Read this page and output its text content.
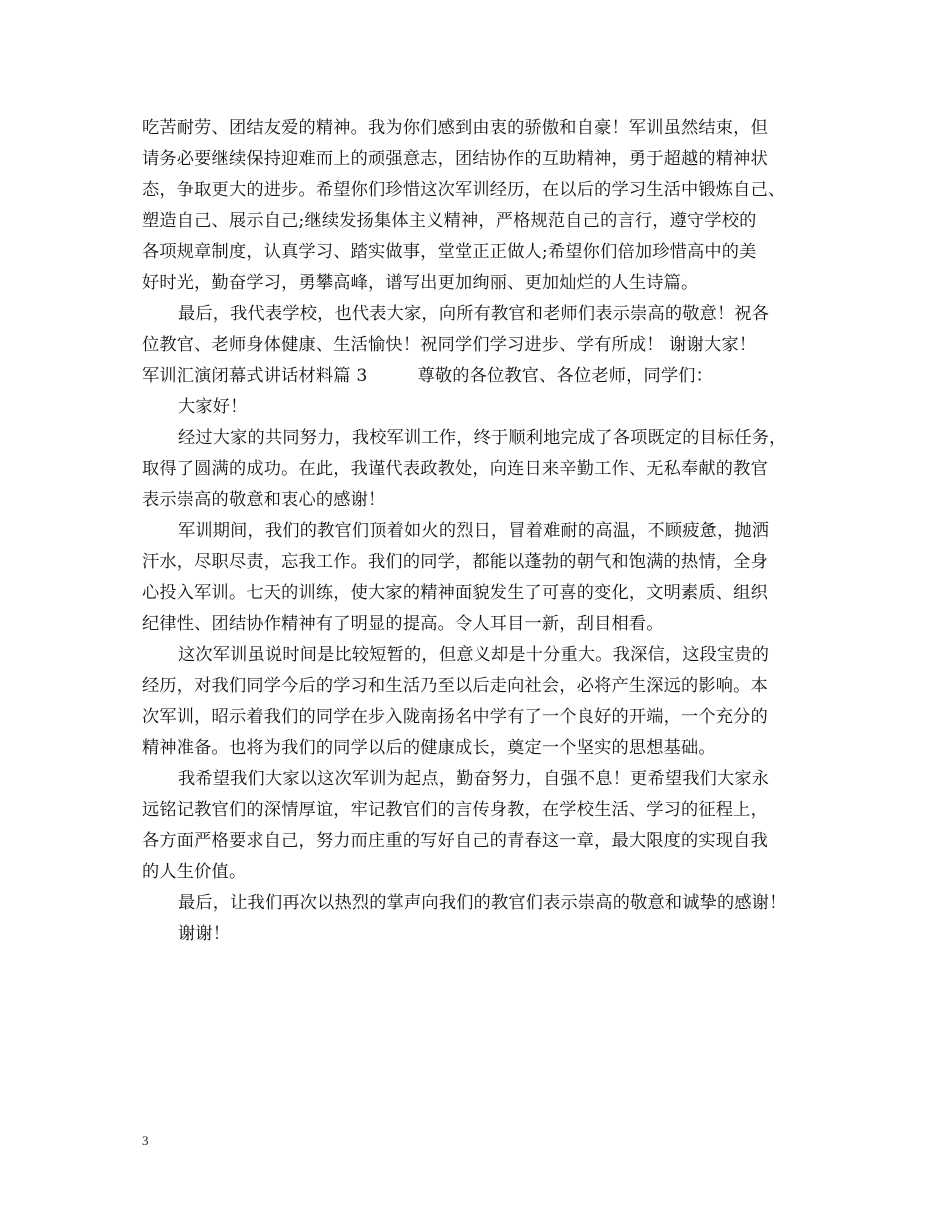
吃苦耐劳、团结友爱的精神。我为你们感到由衷的骄傲和自豪！军训虽然结束，但
请务必要继续保持迎难而上的顽强意志，团结协作的互助精神，勇于超越的精神状
态，争取更大的进步。希望你们珍惜这次军训经历，在以后的学习生活中锻炼自己、
塑造自己、展示自己;继续发扬集体主义精神，严格规范自己的言行，遵守学校的
各项规章制度，认真学习、踏实做事，堂堂正正做人;希望你们倍加珍惜高中的美
好时光，勤奋学习，勇攀高峰，谱写出更加绚丽、更加灿烂的人生诗篇。
最后，我代表学校，也代表大家，向所有教官和老师们表示崇高的敬意！祝各
位教官、老师身体健康、生活愉快！祝同学们学习进步、学有所成！ 谢谢大家！
军训汇演闭幕式讲话材料篇 3	尊敬的各位教官、各位老师，同学们：
大家好！
经过大家的共同努力，我校军训工作，终于顺利地完成了各项既定的目标任务，
取得了圆满的成功。在此，我谨代表政教处，向连日来辛勤工作、无私奉献的教官
表示崇高的敬意和衷心的感谢！
军训期间，我们的教官们顶着如火的烈日，冒着难耐的高温，不顾疲惫，抛洒
汗水，尽职尽责，忘我工作。我们的同学，都能以蓬勃的朝气和饱满的热情，全身
心投入军训。七天的训练，使大家的精神面貌发生了可喜的变化，文明素质、组织
纪律性、团结协作精神有了明显的提高。令人耳目一新，刮目相看。
这次军训虽说时间是比较短暂的，但意义却是十分重大。我深信，这段宝贵的
经历，对我们同学今后的学习和生活乃至以后走向社会，必将产生深远的影响。本
次军训，昭示着我们的同学在步入陇南扬名中学有了一个良好的开端，一个充分的
精神准备。也将为我们的同学以后的健康成长，奠定一个坚实的思想基础。
我希望我们大家以这次军训为起点，勤奋努力，自强不息！更希望我们大家永
远铭记教官们的深情厚谊，牢记教官们的言传身教，在学校生活、学习的征程上，
各方面严格要求自己，努力而庄重的写好自己的青春这一章，最大限度的实现自我
的人生价值。
最后，让我们再次以热烈的掌声向我们的教官们表示崇高的敬意和诚挚的感谢！
谢谢！
3
